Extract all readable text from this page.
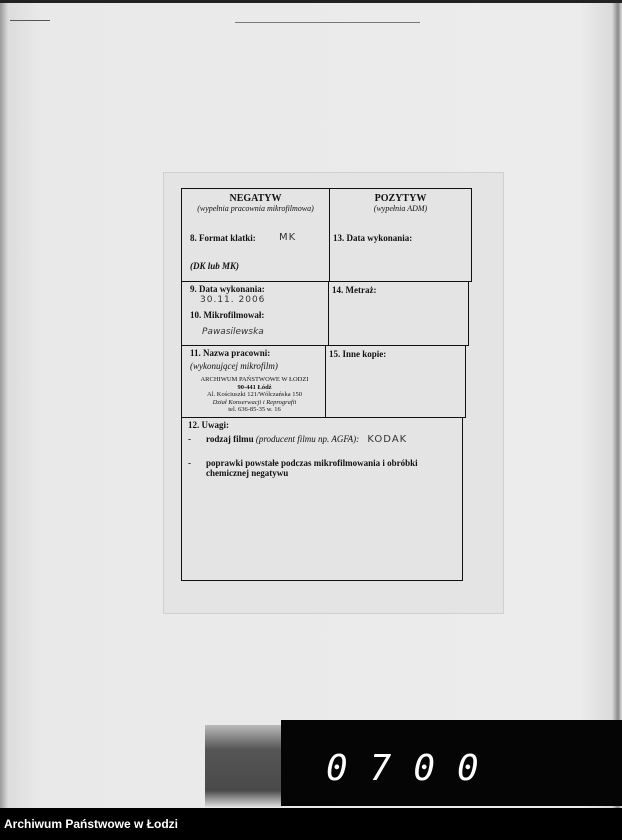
NEGATYW
(wypełnia pracownia mikrofilmowa)
8. Format klatki: MK
(DK lub MK)
POZYTYW
(wypełnia ADM)
13. Data wykonania:
9. Data wykonania:
30.11. 2006
10. Mikrofilmował:
Pawasilewska
14. Metraż:
11. Nazwa pracowni:
(wykonującej mikrofilm)
ARCHIWUM PAŃSTWOWE W ŁODZI
90-441 Łódź
Al. Kościuszki 121/Wólczańska 150
Dział Konserwacji i Reprografii
tel. 636-85-35 w. 16
15. Inne kopie:
12. Uwagi:
- rodzaj filmu (producent filmu np. AGFA): KODAK
- poprawki powstałe podczas mikrofilmowania i obróbki chemicznej negatywu
0700
Archiwum Państwowe w Łodzi
